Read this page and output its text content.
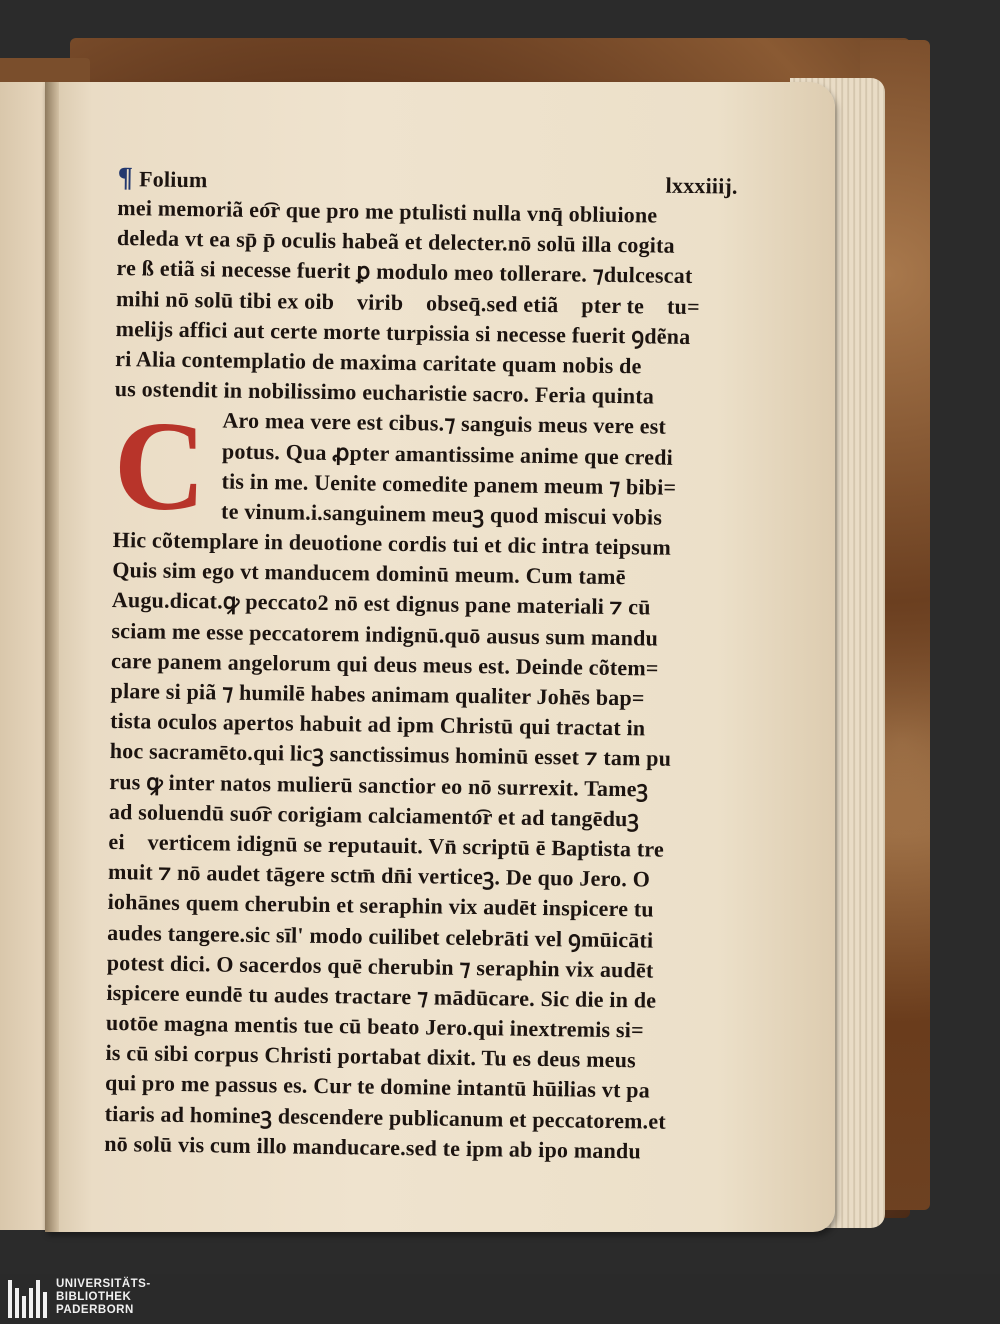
¶ Folium	lxxxiiij.
mei memoriã eo͡r que pro me ptulisti nulla vnq̄ obliuione
deleda vt ea sp̄ p̄ oculis habeã et delecter.nō solū illa cogita
re ß etiã si necesse fuerit ꝑ modulo meo tollerare. ⁊dulcescat
mihi nō solū tibi ex oib᷒ virib᷒ obseq̄.sed etiã ꝓpter te ꝑtu=
melijs affici aut certe morte turpissia si necesse fuerit ꝯdẽna
ri Alia contemplatio de maxima caritate quam nobis de
us ostendit in nobilissimo eucharistie sacro. Feria quinta
C Aro mea vere est cibus.⁊ sanguis meus vere est
potus. Qua ꝓpter amantissime anime que credi
tis in me. Uenite comedite panem meum ⁊ bibi=
te vinum.i.sanguinem meuꝫ quod miscui vobis
Hic cõtemplare in deuotione cordis tui et dic intra teipsum
Quis sim ego vt manducem dominū meum. Cum tamē
Augu.dicat.ꝙ peccato2 nō est dignus pane materiali ⁊ cū
sciam me esse peccatorem indignū.quō ausus sum mandu
care panem angelorum qui deus meus est. Deinde cõtem=
plare si piã ⁊ humilē habes animam qualiter Johēs bap=
tista oculos apertos habuit ad ipm Christū qui tractat in
hoc sacramēto.qui licꝫ sanctissimus hominū esset ⁊ tam pu
rus ꝙ inter natos mulierū sanctior eo nō surrexit. Tameꝫ
ad soluendū suo͡r corigiam calciamento͡r et ad tangēduꝫ
ei᷒ verticem idignū se reputauit. Vn̄ scriptū ē Baptista tre
muit ⁊ nō audet tāgere sctm̄ dn̄i verticeꝫ. De quo Jero. O
iohānes quem cherubin et seraphin vix audēt inspicere tu
audes tangere.sic sīl' modo cuilibet celebrāti vel ꝯmūicāti
potest dici. O sacerdos quē cherubin ⁊ seraphin vix audēt
ispicere eundē tu audes tractare ⁊ mādūcare. Sic die in de
uotōe magna mentis tue cū beato Jero.qui inextremis si=
is cū sibi corpus Christi portabat dixit. Tu es deus meus
qui pro me passus es. Cur te domine intantū hūilias vt pa
tiaris ad homineꝫ descendere publicanum et peccatorem.et
nō solū vis cum illo manducare.sed te ipm ab ipo mandu
UNIVERSITÄTS-
BIBLIOTHEK
PADERBORN
